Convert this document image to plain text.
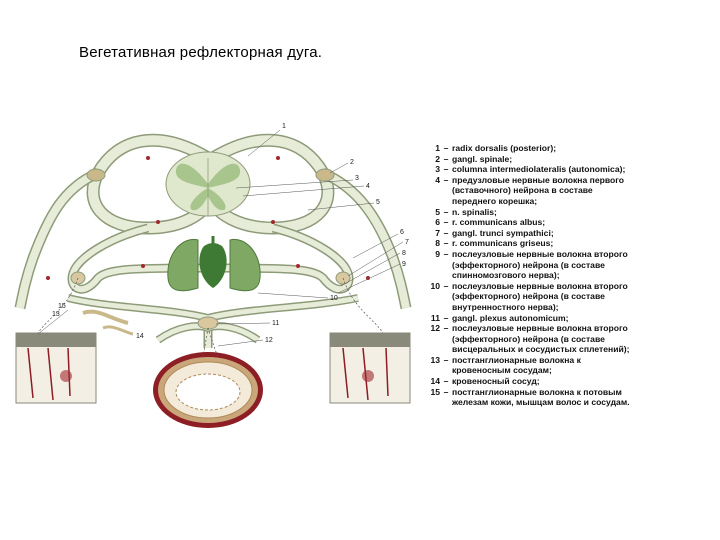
Вегетативная рефлекторная дуга.
1
2
3
4
5
6
7
8
9
10
11
12
13
14
15
1 – radix dorsalis (posterior);
2 – gangl. spinale;
3 – columna intermediolateralis (autonomica);
4 – предузловые нервные волокна первого
(вставочного) нейрона в составе
переднего корешка;
5 – n. spinalis;
6 – r. communicans albus;
7 – gangl. trunci sympathici;
8 – r. communicans griseus;
9 – послеузловые нервные волокна второго
(эффекторного) нейрона (в составе
спинномозгового нерва);
10 – послеузловые нервные волокна второго
(эффекторного) нейрона (в составе
внутренностного нерва);
11 – gangl. plexus autonomicum;
12 – послеузловые нервные волокна второго
(эффекторного) нейрона (в составе
висцеральных и сосудистых сплетений);
13 – постганглионарные волокна к
кровеносным сосудам;
14 – кровеносный сосуд;
15 – постганглионарные волокна к потовым
железам кожи, мышцам волос и сосудам.
